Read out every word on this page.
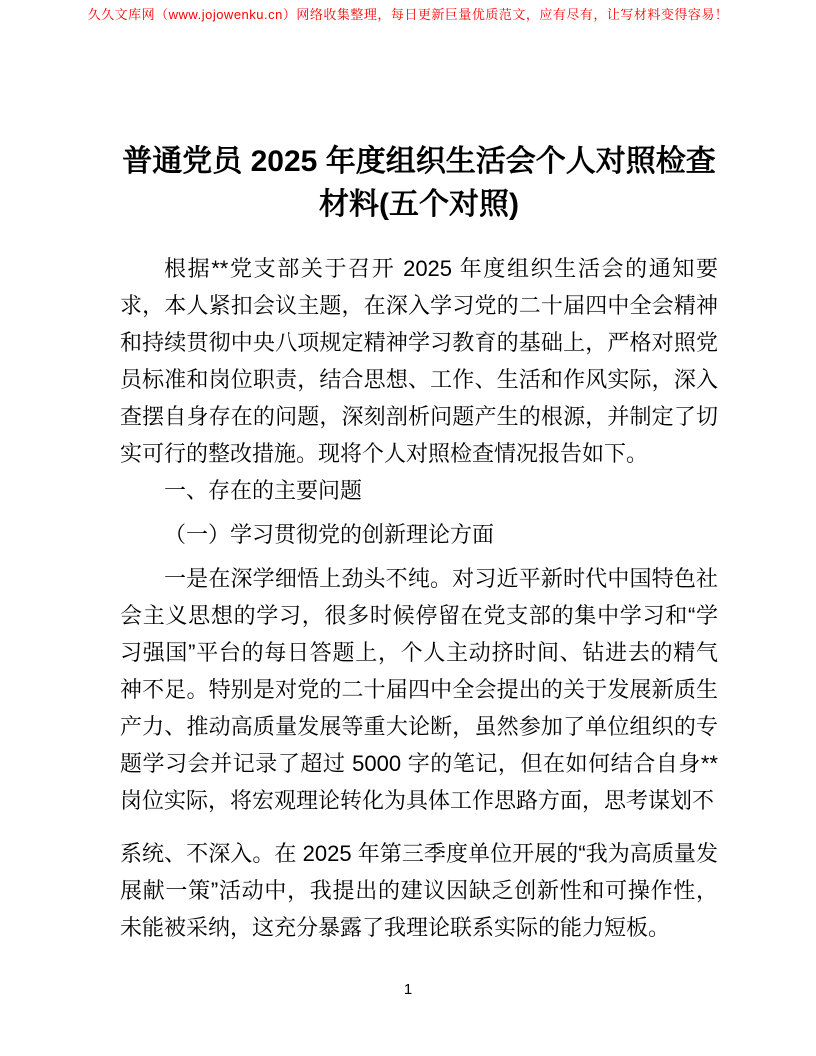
久久文库网（www.jojowenku.cn）网络收集整理，每日更新巨量优质范文，应有尽有，让写材料变得容易！
普通党员 2025 年度组织生活会个人对照检查材料(五个对照)

根据**党支部关于召开 2025 年度组织生活会的通知要求，本人紧扣会议主题，在深入学习党的二十届四中全会精神和持续贯彻中央八项规定精神学习教育的基础上，严格对照党员标准和岗位职责，结合思想、工作、生活和作风实际，深入查摆自身存在的问题，深刻剖析问题产生的根源，并制定了切实可行的整改措施。现将个人对照检查情况报告如下。

一、存在的主要问题

（一）学习贯彻党的创新理论方面

一是在深学细悟上劲头不纯。对习近平新时代中国特色社会主义思想的学习，很多时候停留在党支部的集中学习和“学习强国”平台的每日答题上，个人主动挤时间、钻进去的精气神不足。特别是对党的二十届四中全会提出的关于发展新质生产力、推动高质量发展等重大论断，虽然参加了单位组织的专题学习会并记录了超过 5000 字的笔记，但在如何结合自身**岗位实际，将宏观理论转化为具体工作思路方面，思考谋划不

系统、不深入。在 2025 年第三季度单位开展的“我为高质量发展献一策”活动中，我提出的建议因缺乏创新性和可操作性，未能被采纳，这充分暴露了我理论联系实际的能力短板。

1
